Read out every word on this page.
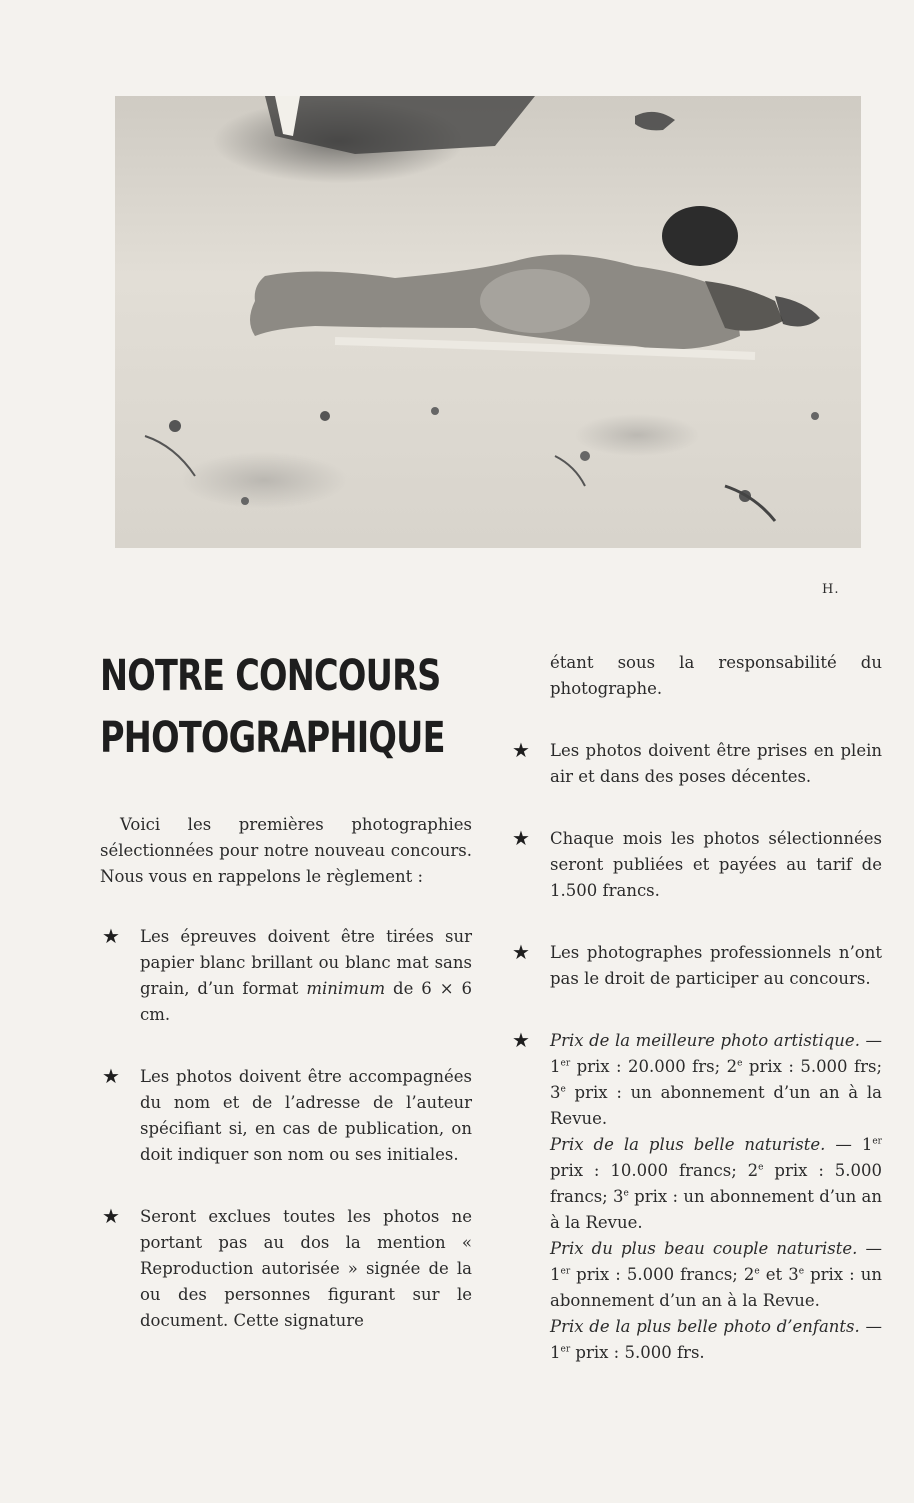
H.
NOTRE CONCOURS
PHOTOGRAPHIQUE

Voici les premières photographies sélectionnées pour notre nouveau concours. Nous vous en rappelons le règlement :

★ Les épreuves doivent être tirées sur papier blanc brillant ou blanc mat sans grain, d’un format minimum de 6 × 6 cm.

★ Les photos doivent être accompagnées du nom et de l’adresse de l’auteur spécifiant si, en cas de publication, on doit indiquer son nom ou ses initiales.

★ Seront exclues toutes les photos ne portant pas au dos la mention « Reproduction autorisée » signée de la ou des personnes figurant sur le document. Cette signature

étant sous la responsabilité du photographe.

★ Les photos doivent être prises en plein air et dans des poses décentes.

★ Chaque mois les photos sélectionnées seront publiées et payées au tarif de 1.500 francs.

★ Les photographes professionnels n’ont pas le droit de participer au concours.

★ Prix de la meilleure photo artistique. — 1er prix : 20.000 frs; 2e prix : 5.000 frs; 3e prix : un abonnement d’un an à la Revue.
Prix de la plus belle naturiste. — 1er prix : 10.000 francs; 2e prix : 5.000 francs; 3e prix : un abonnement d’un an à la Revue.
Prix du plus beau couple naturiste. — 1er prix : 5.000 francs; 2e et 3e prix : un abonnement d’un an à la Revue.
Prix de la plus belle photo d’enfants. — 1er prix : 5.000 frs.
